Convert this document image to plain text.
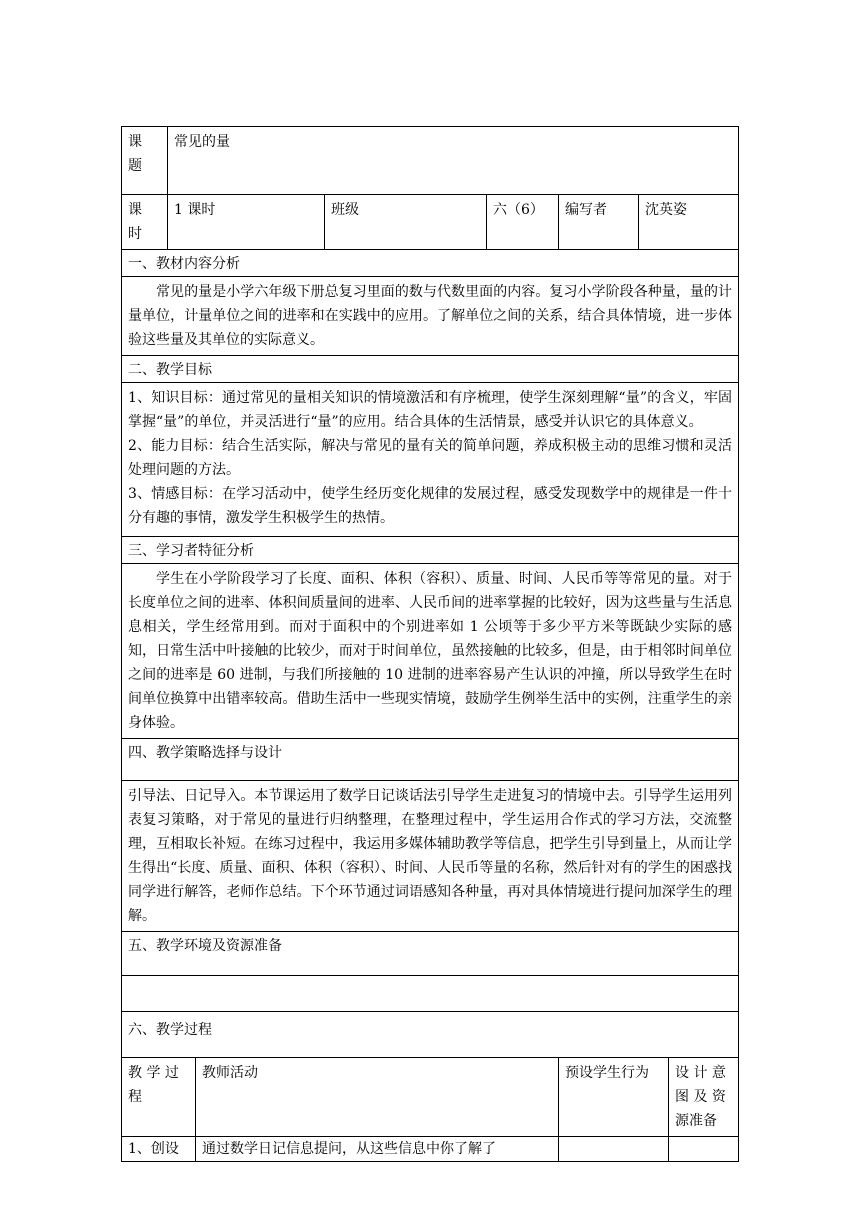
课
题	常见的量						

课
时	1 课时		班级	六（6）	编写者	沈英姿	
一、教材内容分析							

常见的量是小学六年级下册总复习里面的数与代数里面的内容。复习小学阶段各种量，量的计量单位，计量单位之间的进率和在实践中的应用。了解单位之间的关系，结合具体情境，进一步体验这些量及其单位的实际意义。							

二、教学目标							

1、知识目标：通过常见的量相关知识的情境激活和有序梳理，使学生深刻理解“量”的含义，牢固掌握“量”的单位，并灵活进行“量”的应用。结合具体的生活情景，感受并认识它的具体意义。

2、能力目标：结合生活实际，解决与常见的量有关的简单问题，养成积极主动的思维习惯和灵活处理问题的方法。

3、情感目标：在学习活动中，使学生经历变化规律的发展过程，感受发现数学中的规律是一件十分有趣的事情，激发学生积极学生的热情。							

三、学习者特征分析							

学生在小学阶段学习了长度、面积、体积（容积）、质量、时间、人民币等等常见的量。对于长度单位之间的进率、体积间质量间的进率、人民币间的进率掌握的比较好，因为这些量与生活息息相关，学生经常用到。而对于面积中的个别进率如 1 公顷等于多少平方米等既缺少实际的感知，日常生活中叶接触的比较少，而对于时间单位，虽然接触的比较多，但是，由于相邻时间单位之间的进率是 60 进制，与我们所接触的 10 进制的进率容易产生认识的冲撞，所以导致学生在时间单位换算中出错率较高。借助生活中一些现实情境，鼓励学生例举生活中的实例，注重学生的亲身体验。							

四、教学策略选择与设计							

引导法、日记导入。本节课运用了数学日记谈话法引导学生走进复习的情境中去。引导学生运用列表复习策略，对于常见的量进行归纳整理，在整理过程中，学生运用合作式的学习方法，交流整理，互相取长补短。在练习过程中，我运用多媒体辅助教学等信息，把学生引导到量上，从而让学生得出“长度、质量、面积、体积（容积）、时间、人民币等量的名称，然后针对有的学生的困惑找同学进行解答，老师作总结。下个环节通过词语感知各种量，再对具体情境进行提问加深学生的理解。							

五、教学环境及资源准备							

六、教学过程							
教 学 过 程		教师活动			预设学生行为		设 计 意 图 及 资 源准备
1、创设		通过数学日记信息提问，从这些信息中你了解了					
